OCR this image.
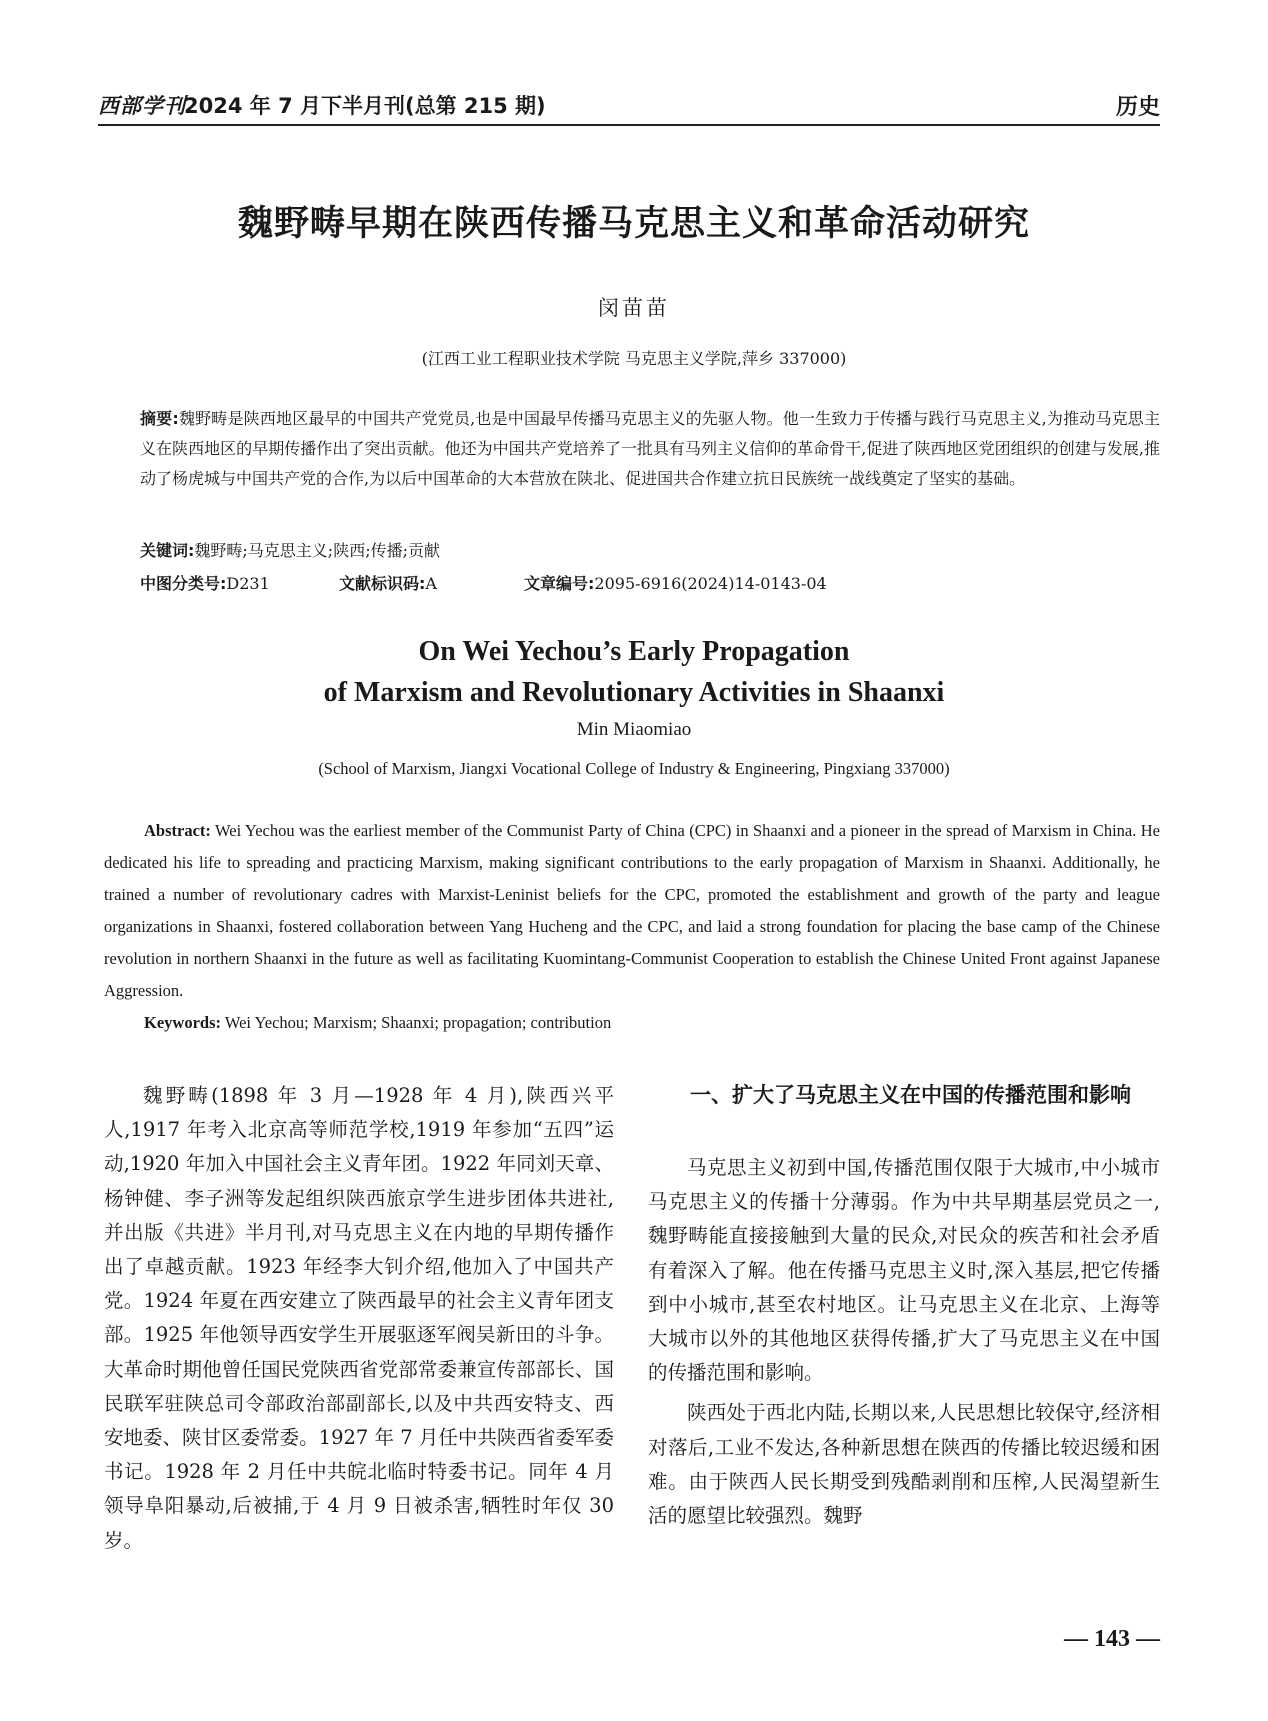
西部学刊
2024 年 7 月下半月刊(总第 215 期)	历史
魏野畴早期在陕西传播马克思主义和革命活动研究
闵苗苗
(江西工业工程职业技术学院 马克思主义学院,萍乡 337000)
摘要:魏野畴是陕西地区最早的中国共产党党员,也是中国最早传播马克思主义的先驱人物。他一生致力于传播与践行马克思主义,为推动马克思主义在陕西地区的早期传播作出了突出贡献。他还为中国共产党培养了一批具有马列主义信仰的革命骨干,促进了陕西地区党团组织的创建与发展,推动了杨虎城与中国共产党的合作,为以后中国革命的大本营放在陕北、促进国共合作建立抗日民族统一战线奠定了坚实的基础。
关键词:魏野畴;马克思主义;陕西;传播;贡献
中图分类号:D231	文献标识码:A	文章编号:2095-6916(2024)14-0143-04
On Wei Yechou’s Early Propagation
of Marxism and Revolutionary Activities in Shaanxi
Min Miaomiao
(School of Marxism, Jiangxi Vocational College of Industry & Engineering, Pingxiang 337000)
Abstract: Wei Yechou was the earliest member of the Communist Party of China (CPC) in Shaanxi and a pioneer in the spread of Marxism in China. He dedicated his life to spreading and practicing Marxism, making significant contributions to the early propagation of Marxism in Shaanxi. Additionally, he trained a number of revolutionary cadres with Marxist-Leninist beliefs for the CPC, promoted the establishment and growth of the party and league organizations in Shaanxi, fostered collaboration between Yang Hucheng and the CPC, and laid a strong foundation for placing the base camp of the Chinese revolution in northern Shaanxi in the future as well as facilitating Kuomintang-Communist Cooperation to establish the Chinese United Front against Japanese Aggression.
Keywords: Wei Yechou; Marxism; Shaanxi; propagation; contribution

魏野畴(1898 年 3 月—1928 年 4 月),陕西兴平人,1917 年考入北京高等师范学校,1919 年参加“五四”运动,1920 年加入中国社会主义青年团。1922 年同刘天章、杨钟健、李子洲等发起组织陕西旅京学生进步团体共进社,并出版《共进》半月刊,对马克思主义在内地的早期传播作出了卓越贡献。1923 年经李大钊介绍,他加入了中国共产党。1924 年夏在西安建立了陕西最早的社会主义青年团支部。1925 年他领导西安学生开展驱逐军阀吴新田的斗争。大革命时期他曾任国民党陕西省党部常委兼宣传部部长、国民联军驻陕总司令部政治部副部长,以及中共西安特支、西安地委、陕甘区委常委。1927 年 7 月任中共陕西省委军委书记。1928 年 2 月任中共皖北临时特委书记。同年 4 月领导阜阳暴动,后被捕,于 4 月 9 日被杀害,牺牲时年仅 30 岁。

一、扩大了马克思主义在中国的传播范围和影响

马克思主义初到中国,传播范围仅限于大城市,中小城市马克思主义的传播十分薄弱。作为中共早期基层党员之一,魏野畴能直接接触到大量的民众,对民众的疾苦和社会矛盾有着深入了解。他在传播马克思主义时,深入基层,把它传播到中小城市,甚至农村地区。让马克思主义在北京、上海等大城市以外的其他地区获得传播,扩大了马克思主义在中国的传播范围和影响。

陕西处于西北内陆,长期以来,人民思想比较保守,经济相对落后,工业不发达,各种新思想在陕西的传播比较迟缓和困难。由于陕西人民长期受到残酷剥削和压榨,人民渴望新生活的愿望比较强烈。魏野

— 143 —
